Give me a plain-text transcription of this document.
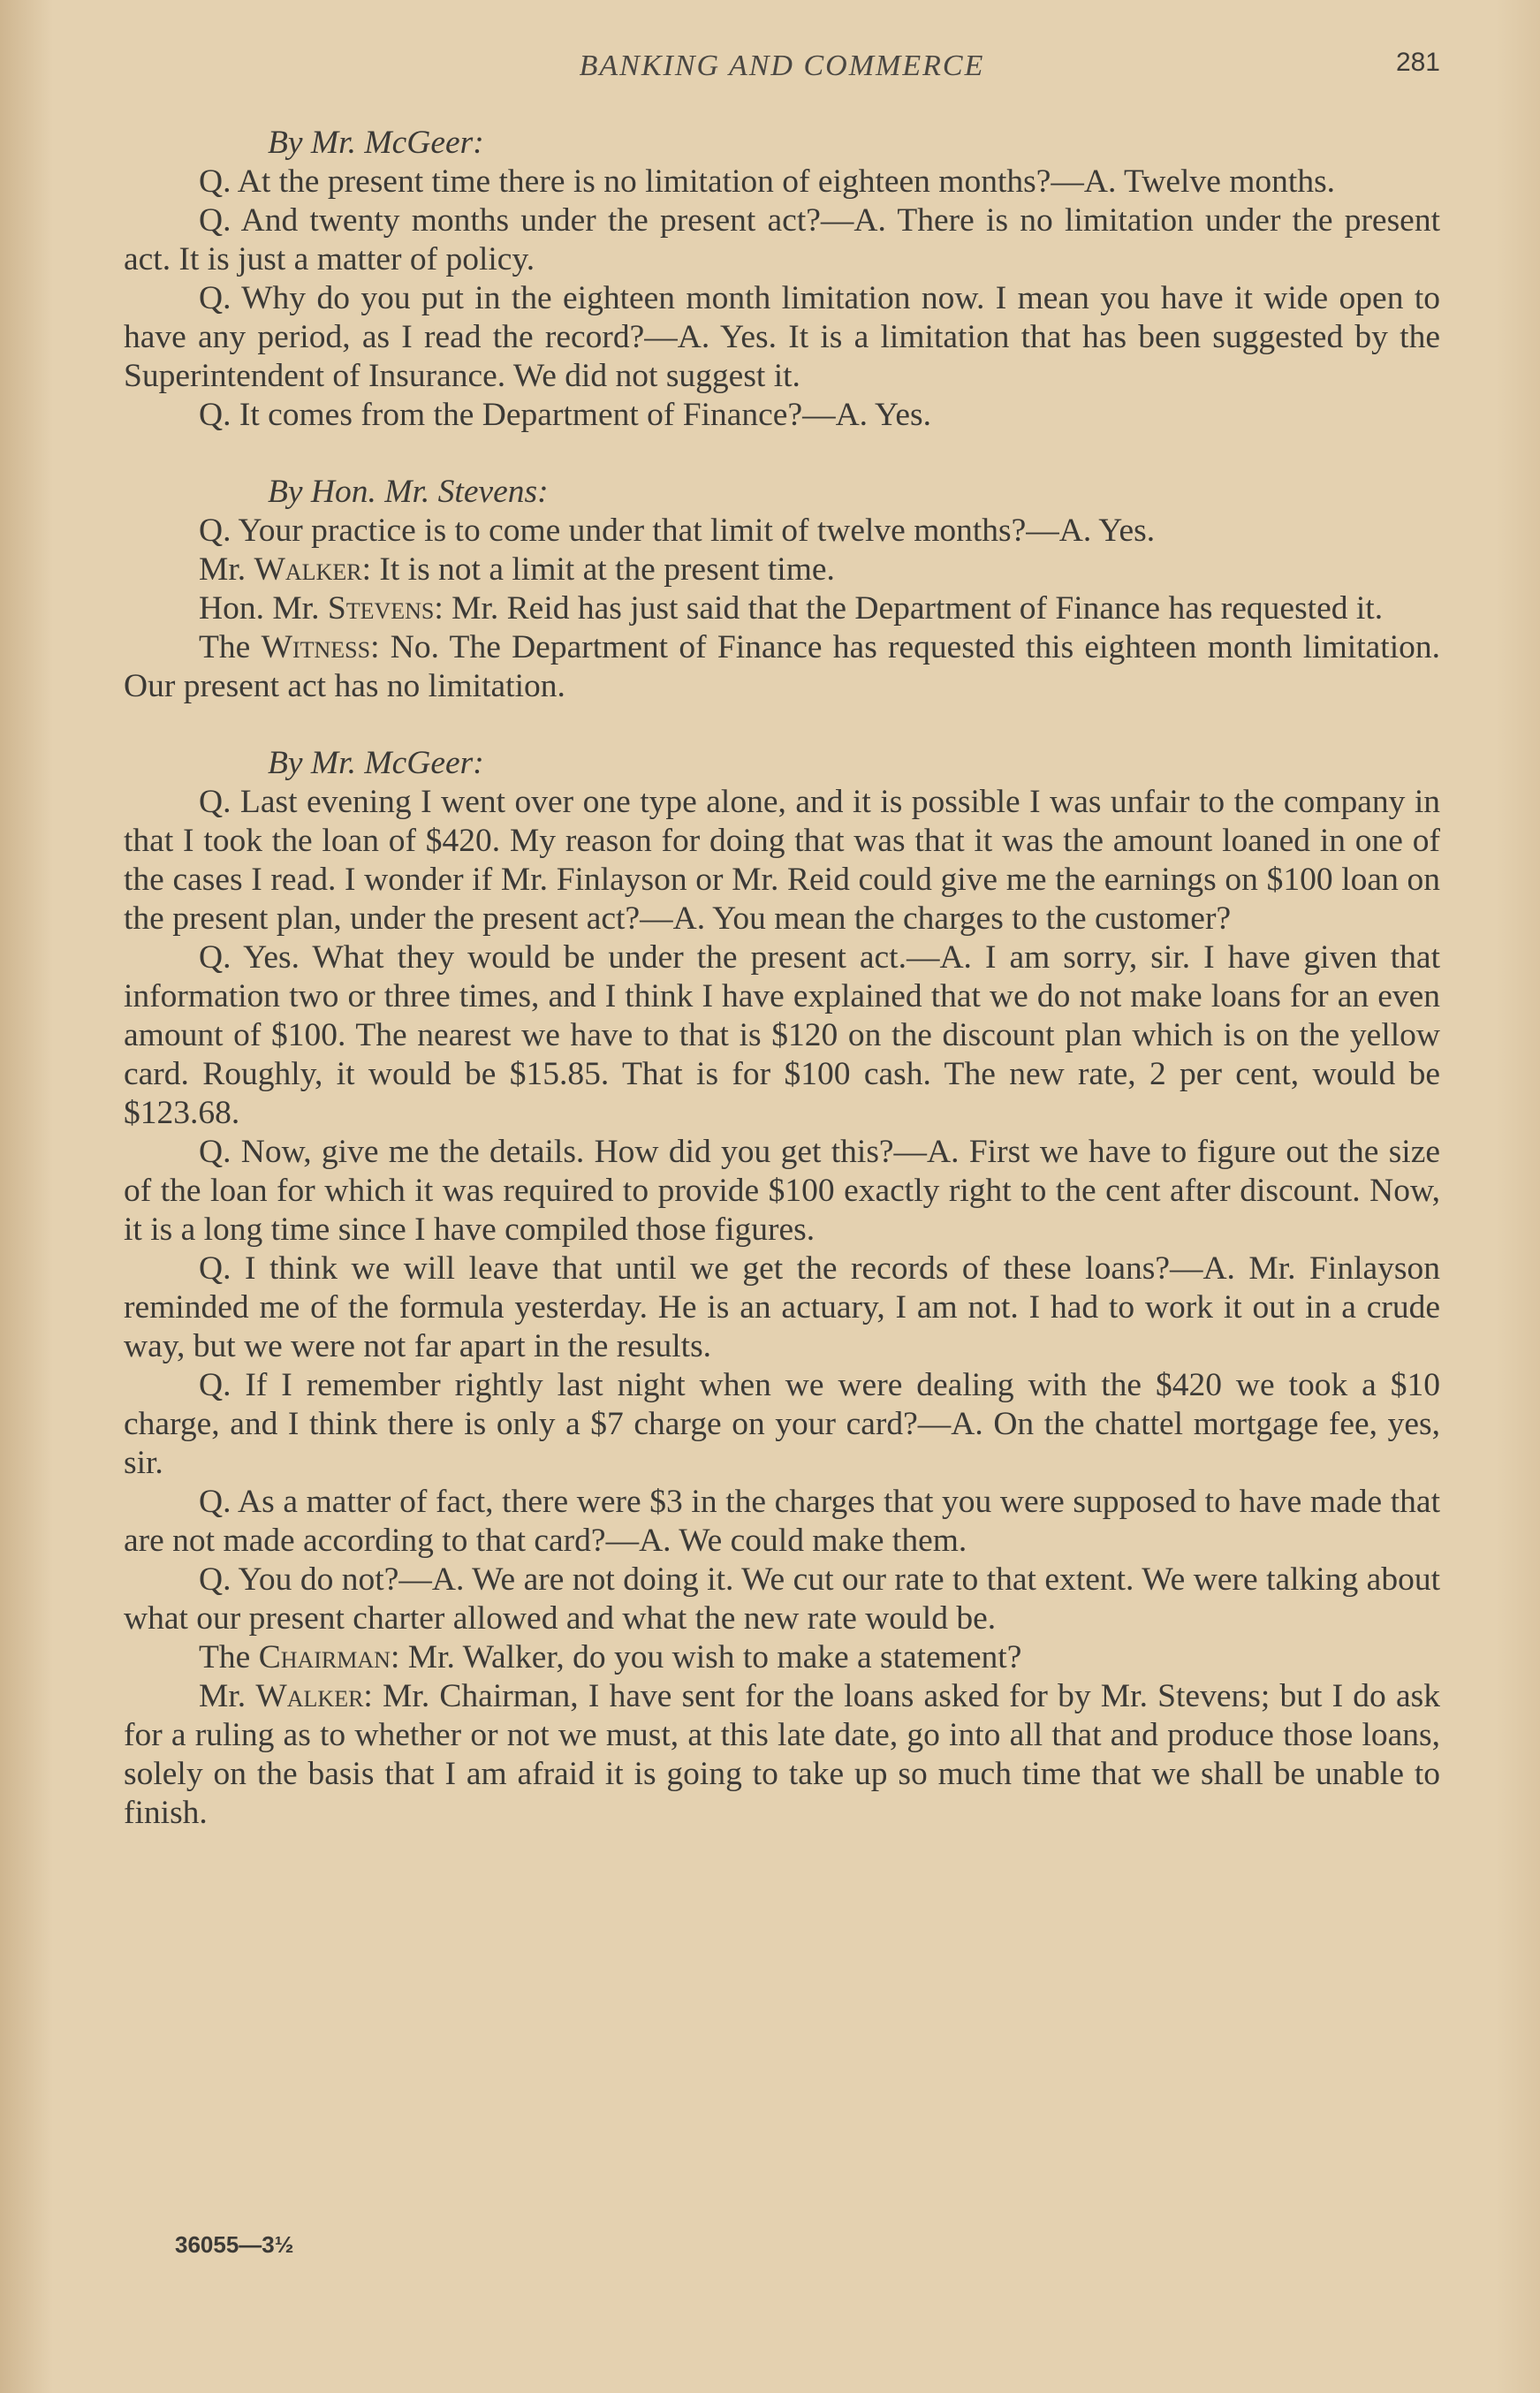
BANKING AND COMMERCE	281

By Mr. McGeer:

Q. At the present time there is no limitation of eighteen months?—A. Twelve months.

Q. And twenty months under the present act?—A. There is no limitation under the present act. It is just a matter of policy.

Q. Why do you put in the eighteen month limitation now. I mean you have it wide open to have any period, as I read the record?—A. Yes. It is a limitation that has been suggested by the Superintendent of Insurance. We did not suggest it.

Q. It comes from the Department of Finance?—A. Yes.

By Hon. Mr. Stevens:

Q. Your practice is to come under that limit of twelve months?—A. Yes.

Mr. Walker: It is not a limit at the present time.

Hon. Mr. Stevens: Mr. Reid has just said that the Department of Finance has requested it.

The Witness: No. The Department of Finance has requested this eighteen month limitation. Our present act has no limitation.

By Mr. McGeer:

Q. Last evening I went over one type alone, and it is possible I was unfair to the company in that I took the loan of $420. My reason for doing that was that it was the amount loaned in one of the cases I read. I wonder if Mr. Finlayson or Mr. Reid could give me the earnings on $100 loan on the present plan, under the present act?—A. You mean the charges to the customer?

Q. Yes. What they would be under the present act.—A. I am sorry, sir. I have given that information two or three times, and I think I have explained that we do not make loans for an even amount of $100. The nearest we have to that is $120 on the discount plan which is on the yellow card. Roughly, it would be $15.85. That is for $100 cash. The new rate, 2 per cent, would be $123.68.

Q. Now, give me the details. How did you get this?—A. First we have to figure out the size of the loan for which it was required to provide $100 exactly right to the cent after discount. Now, it is a long time since I have compiled those figures.

Q. I think we will leave that until we get the records of these loans?—A. Mr. Finlayson reminded me of the formula yesterday. He is an actuary, I am not. I had to work it out in a crude way, but we were not far apart in the results.

Q. If I remember rightly last night when we were dealing with the $420 we took a $10 charge, and I think there is only a $7 charge on your card?—A. On the chattel mortgage fee, yes, sir.

Q. As a matter of fact, there were $3 in the charges that you were supposed to have made that are not made according to that card?—A. We could make them.

Q. You do not?—A. We are not doing it. We cut our rate to that extent. We were talking about what our present charter allowed and what the new rate would be.

The Chairman: Mr. Walker, do you wish to make a statement?

Mr. Walker: Mr. Chairman, I have sent for the loans asked for by Mr. Stevens; but I do ask for a ruling as to whether or not we must, at this late date, go into all that and produce those loans, solely on the basis that I am afraid it is going to take up so much time that we shall be unable to finish.

36055—3½
